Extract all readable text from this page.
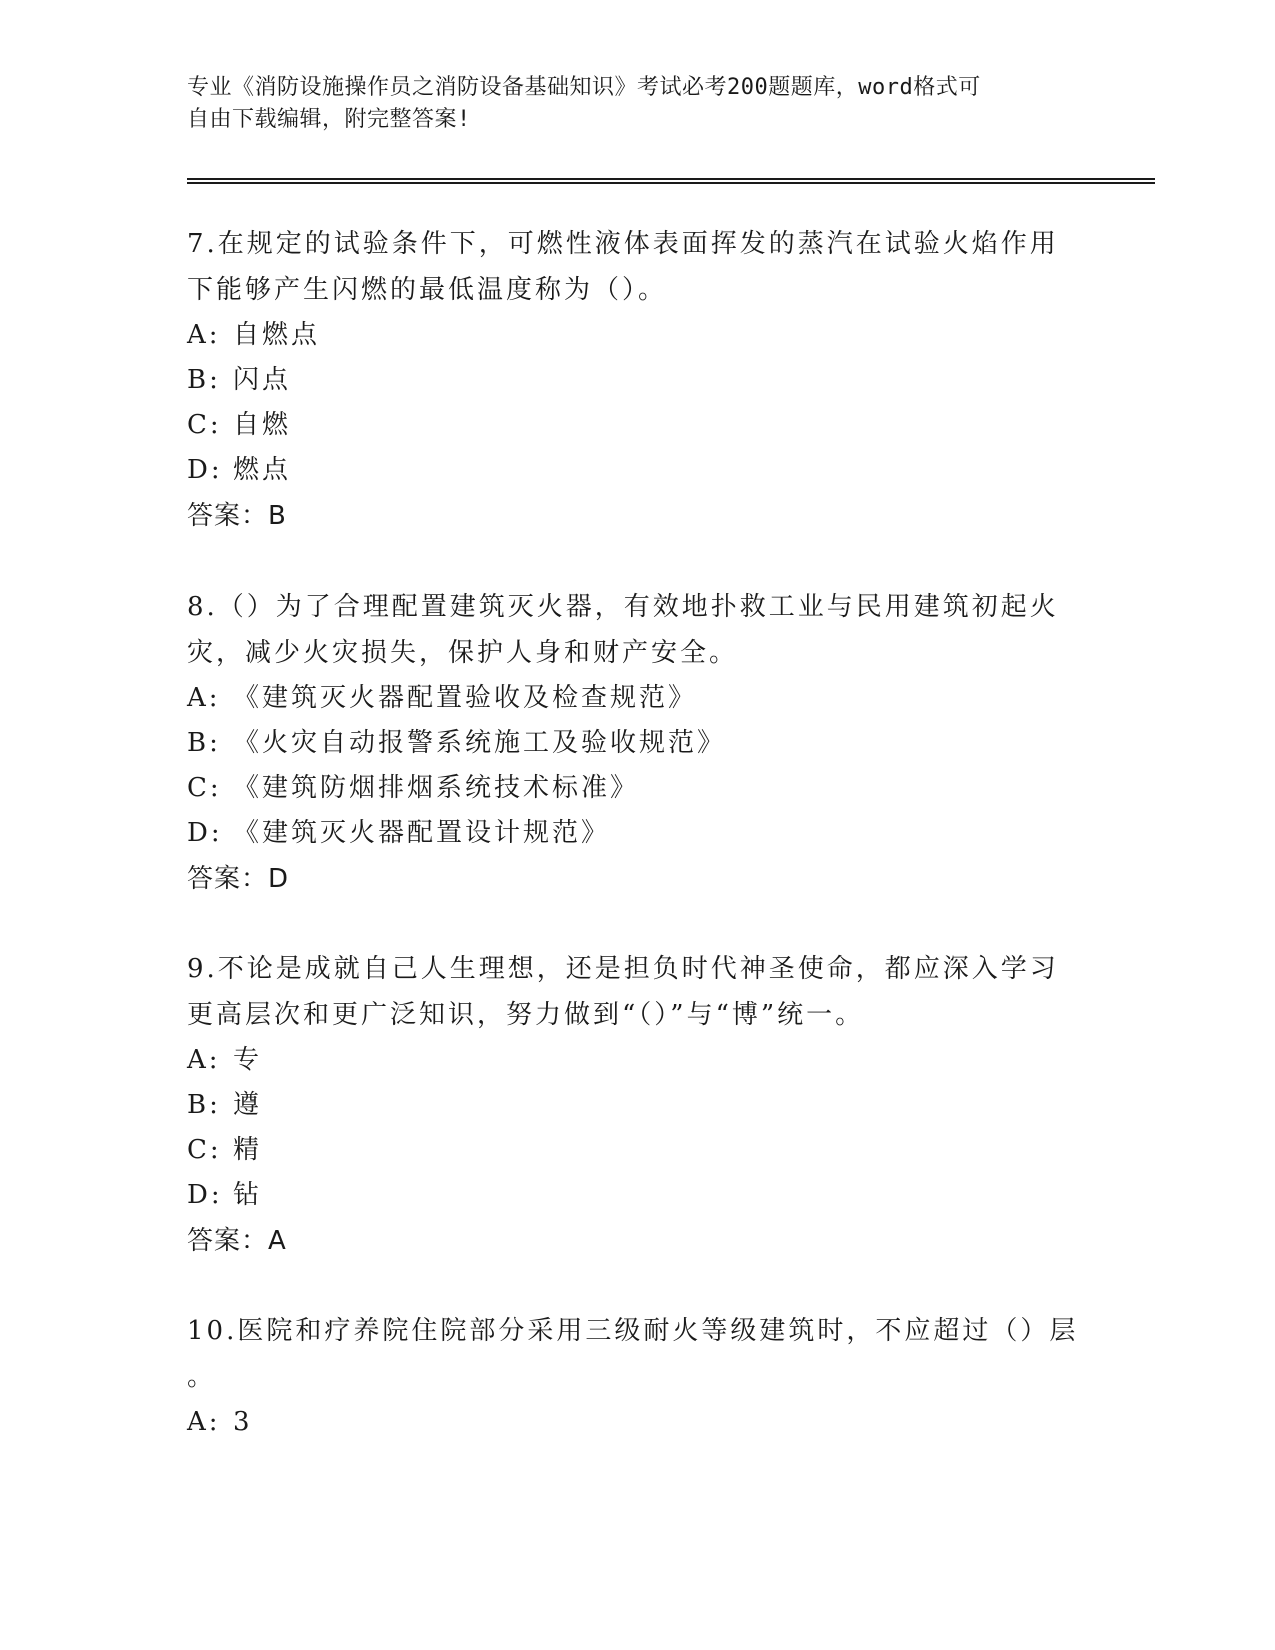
专业《消防设施操作员之消防设备基础知识》考试必考200题题库，word格式可
自由下载编辑，附完整答案!
7.在规定的试验条件下，可燃性液体表面挥发的蒸汽在试验火焰作用
下能够产生闪燃的最低温度称为（）。
A: 自燃点
B: 闪点
C: 自燃
D: 燃点
答案：B
8.（）为了合理配置建筑灭火器，有效地扑救工业与民用建筑初起火
灾，减少火灾损失，保护人身和财产安全。
A: 《建筑灭火器配置验收及检查规范》
B: 《火灾自动报警系统施工及验收规范》
C: 《建筑防烟排烟系统技术标准》
D: 《建筑灭火器配置设计规范》
答案：D
9.不论是成就自己人生理想，还是担负时代神圣使命，都应深入学习
更高层次和更广泛知识，努力做到“（）”与“博”统一。
A: 专
B: 遵
C: 精
D: 钻
答案：A
10.医院和疗养院住院部分采用三级耐火等级建筑时，不应超过（）层
。
A: 3
